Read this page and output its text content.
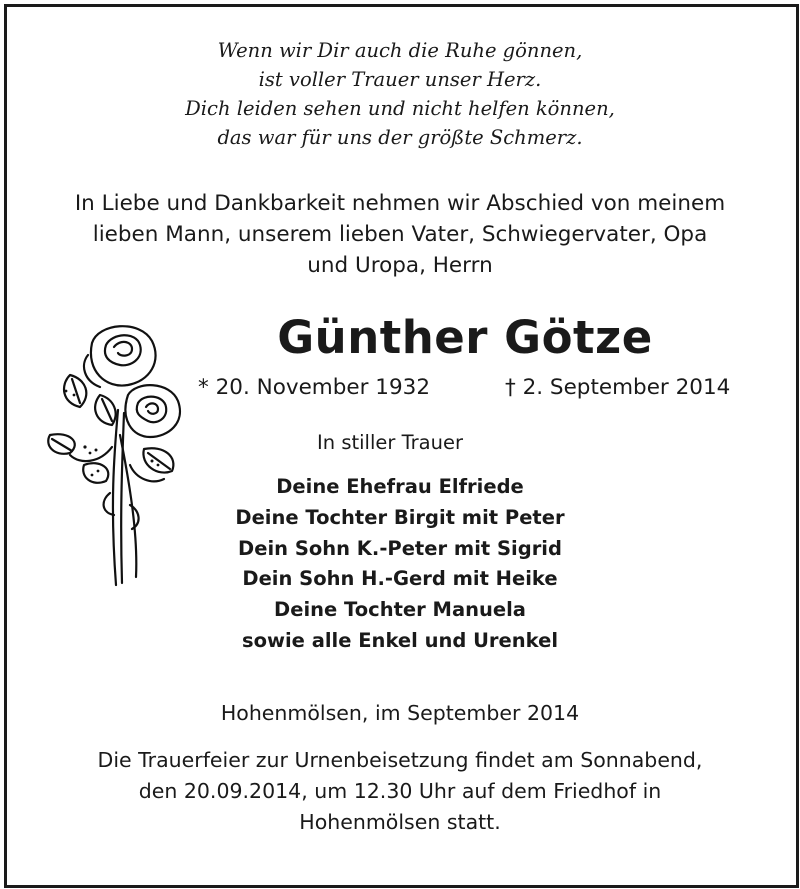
Wenn wir Dir auch die Ruhe gönnen,
ist voller Trauer unser Herz.
Dich leiden sehen und nicht helfen können,
das war für uns der größte Schmerz.
In Liebe und Dankbarkeit nehmen wir Abschied von meinem
lieben Mann, unserem lieben Vater, Schwiegervater, Opa
und Uropa, Herrn
Günther Götze
* 20. November 1932	† 2. September 2014
In stiller Trauer
Deine Ehefrau Elfriede
Deine Tochter Birgit mit Peter
Dein Sohn K.-Peter mit Sigrid
Dein Sohn H.-Gerd mit Heike
Deine Tochter Manuela
sowie alle Enkel und Urenkel
Hohenmölsen, im September 2014
Die Trauerfeier zur Urnenbeisetzung findet am Sonnabend,
den 20.09.2014, um 12.30 Uhr auf dem Friedhof in
Hohenmölsen statt.
